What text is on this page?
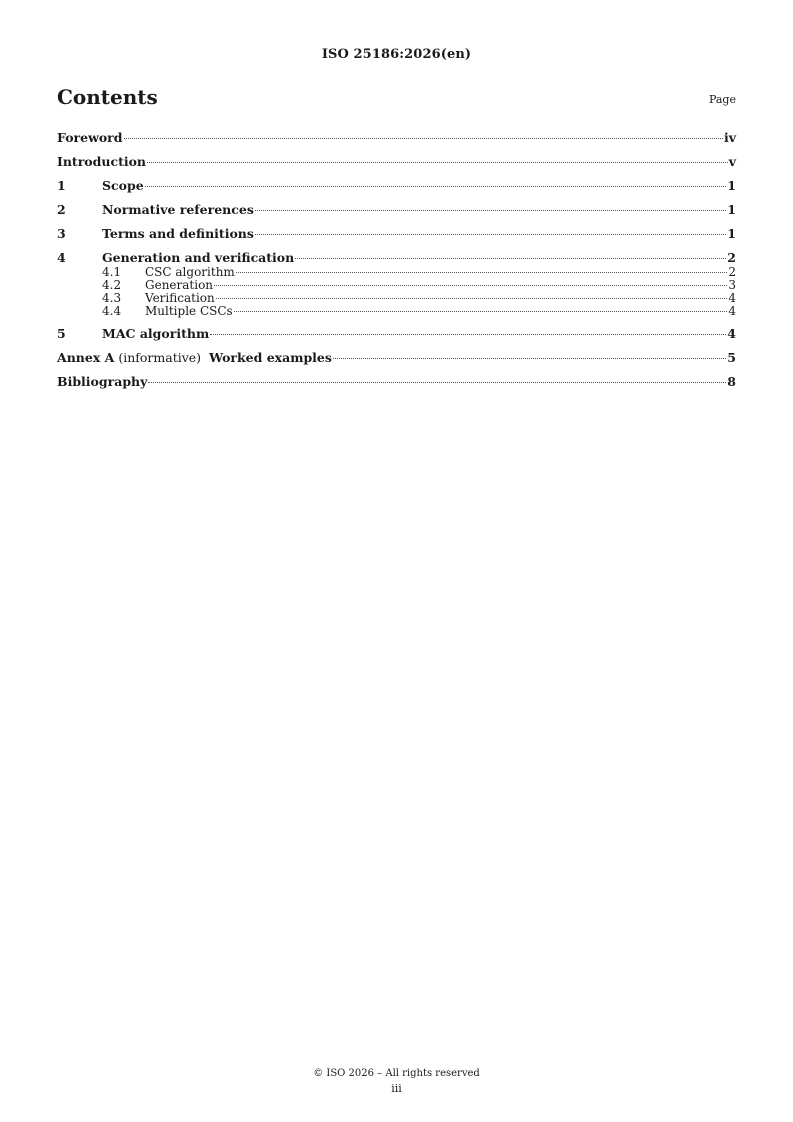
ISO 25186:2026(en)
Contents	Page
Foreword	iv
Introduction	v
1	Scope	1
2	Normative references	1
3	Terms and definitions	1
4	Generation and verification	2
4.1	CSC algorithm	2
4.2	Generation	3
4.3	Verification	4
4.4	Multiple CSCs	4
5	MAC algorithm	4
Annex A (informative) Worked examples	5
Bibliography	8
© ISO 2026 – All rights reserved
iii
